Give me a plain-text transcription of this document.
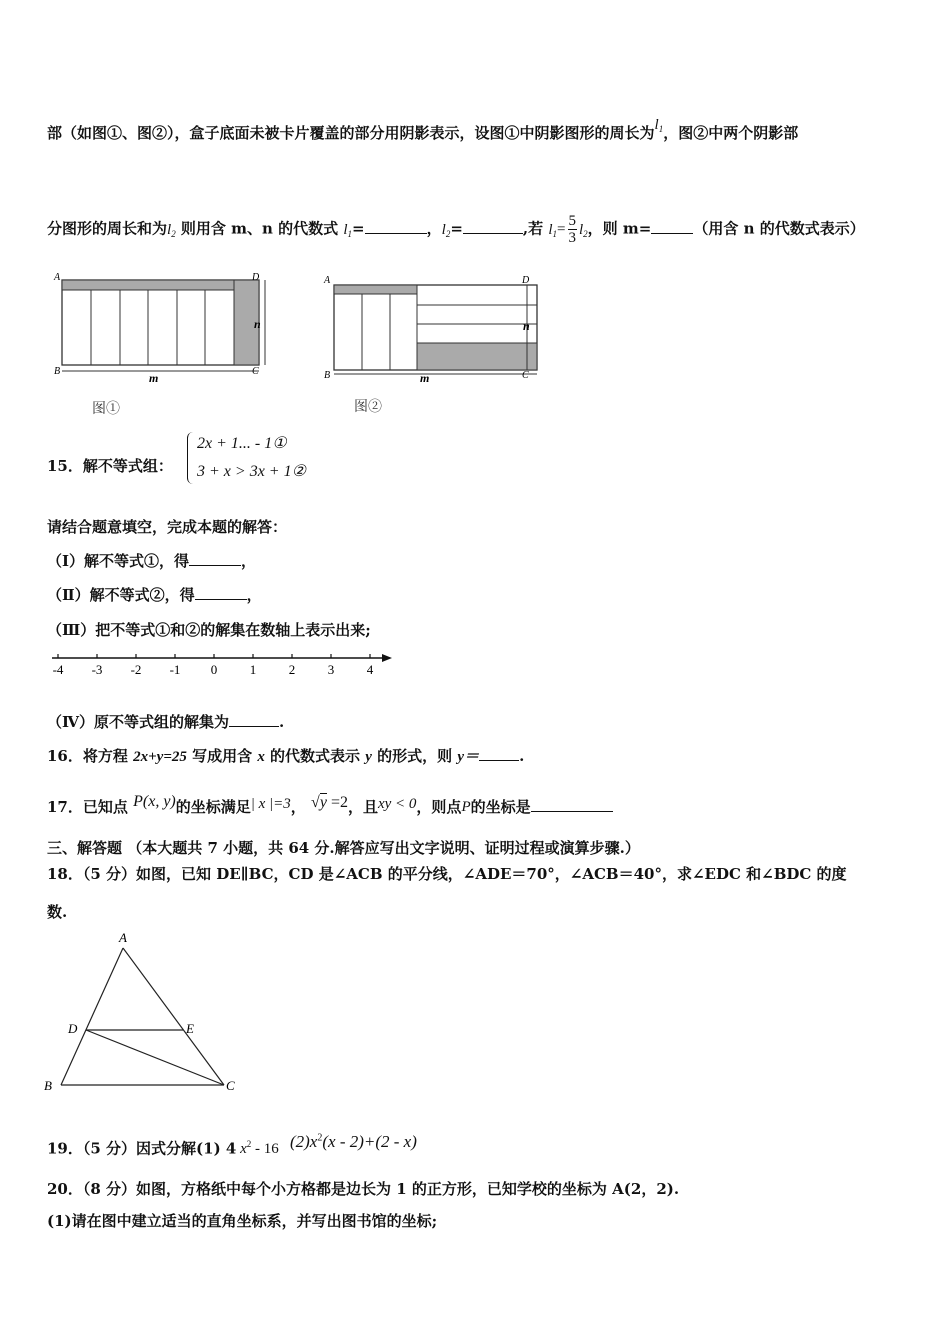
部（如图①、图②），盒子底面未被卡片覆盖的部分用阴影表示，设图①中阴影图形的周长为$l_1$，图②中两个阴影部
分图形的周长和为$l_2$ 则用含 m、n 的代数式 $l_1=$	，$l_2=$	,若 $l_1= \frac{5}{3} l_2$，则 m=	（用含 n 的代数式表示）
A
B	C
D
m
n
图①
A
B	C
D
m
n
图②
15．解不等式组：
2x + 1... - 1①
3 + x > 3x + 1②
请结合题意填空，完成本题的解答：
（Ⅰ）解不等式①，得	，
（Ⅱ）解不等式②，得	，
（Ⅲ）把不等式①和②的解集在数轴上表示出来;
-4 -3 -2 -1 0	1	2	3	4
（Ⅳ）原不等式组的解集为	.
16．将方程 2x+y=25 写成用含 x 的代数式表示 y 的形式，则 y＝	.
17．已知点 P(x, y)的坐标满足| x |=3， √y =2，且xy < 0，则点P的坐标是
三、解答题 （本大题共 7 小题，共 64 分.解答应写出文字说明、证明过程或演算步骤.）
18．（5 分）如图，已知 DE∥BC，CD 是∠ACB 的平分线，∠ADE＝70°，∠ACB＝40°，求∠EDC 和∠BDC 的度
数.
A
B	C
D	E
19．（5 分）因式分解(1) 4 $x^2 - 16$ $(2)x^2(x - 2)+(2 - x)$
20．（8 分）如图，方格纸中每个小方格都是边长为 1 的正方形，已知学校的坐标为 A(2，2).
(1)请在图中建立适当的直角坐标系，并写出图书馆的坐标;
